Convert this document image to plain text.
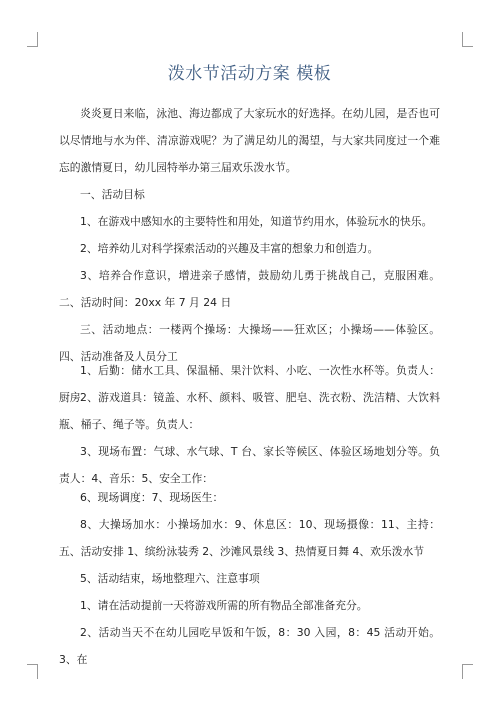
泼水节活动方案 模板

炎炎夏日来临，泳池、海边都成了大家玩水的好选择。在幼儿园，是否也可以尽情地与水为伴、清凉游戏呢？为了满足幼儿的渴望，与大家共同度过一个难忘的激情夏日，幼儿园特举办第三届欢乐泼水节。

一、活动目标

1、在游戏中感知水的主要特性和用处，知道节约用水，体验玩水的快乐。

2、培养幼儿对科学探索活动的兴趣及丰富的想象力和创造力。

3、培养合作意识，增进亲子感情，鼓励幼儿勇于挑战自己，克服困难。二、活动时间：20xx 年 7 月 24 日

三、活动地点：一楼两个操场：大操场——狂欢区；小操场——体验区。四、活动准备及人员分工

1、后勤：储水工具、保温桶、果汁饮料、小吃、一次性水杯等。负责人：厨房 2、游戏道具：镜盖、水杯、颜料、吸管、肥皂、洗衣粉、洗洁精、大饮料瓶、桶子、绳子等。负责人：

3、现场布置：气球、水气球、T 台、家长等候区、体验区场地划分等。负责人：4、音乐：5、安全工作：

6、现场调度：7、现场医生：

8、大操场加水：小操场加水：9、休息区：10、现场摄像：11、主持：五、活动安排 1、缤纷泳装秀 2、沙滩风景线 3、热情夏日舞 4、欢乐泼水节

5、活动结束，场地整理六、注意事项

1、请在活动提前一天将游戏所需的所有物品全部准备充分。

2、活动当天不在幼儿园吃早饭和午饭，8：30 入园，8：45 活动开始。 3、在
